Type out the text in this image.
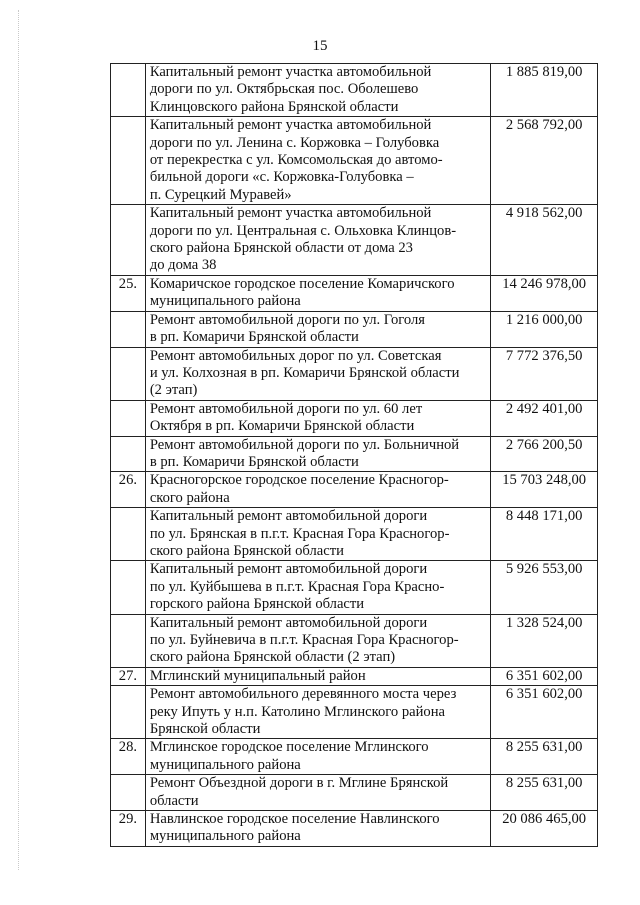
15
	Капитальный ремонт участка автомобильной
дороги по ул. Октябрьская пос. Оболешево
Клинцовского района Брянской области	1 885 819,00
	Капитальный ремонт участка автомобильной
дороги по ул. Ленина с. Коржовка – Голубовка
от перекрестка с ул. Комсомольская до автомо-
бильной дороги «с. Коржовка-Голубовка –
п. Сурецкий Муравей»	2 568 792,00
	Капитальный ремонт участка автомобильной
дороги по ул. Центральная с. Ольховка Клинцов-
ского района Брянской области от дома 23
до дома 38	4 918 562,00
25.	Комаричское городское поселение Комаричского
муниципального района	14 246 978,00
	Ремонт автомобильной дороги по ул. Гоголя
в рп. Комаричи Брянской области	1 216 000,00
	Ремонт автомобильных дорог по ул. Советская
и ул. Колхозная в рп. Комаричи Брянской области
(2 этап)	7 772 376,50
	Ремонт автомобильной дороги по ул. 60 лет
Октября в рп. Комаричи Брянской области	2 492 401,00
	Ремонт автомобильной дороги по ул. Больничной
в рп. Комаричи Брянской области	2 766 200,50
26.	Красногорское городское поселение Красногор-
ского района	15 703 248,00
	Капитальный ремонт автомобильной дороги
по ул. Брянская в п.г.т. Красная Гора Красногор-
ского района Брянской области	8 448 171,00
	Капитальный ремонт автомобильной дороги
по ул. Куйбышева в п.г.т. Красная Гора Красно-
горского района Брянской области	5 926 553,00
	Капитальный ремонт автомобильной дороги
по ул. Буйневича в п.г.т. Красная Гора Красногор-
ского района Брянской области (2 этап)	1 328 524,00
27.	Мглинский муниципальный район	6 351 602,00
	Ремонт автомобильного деревянного моста через
реку Ипуть у н.п. Католино Мглинского района
Брянской области	6 351 602,00
28.	Мглинское городское поселение Мглинского
муниципального района	8 255 631,00
	Ремонт Объездной дороги в г. Мглине Брянской
области	8 255 631,00
29.	Навлинское городское поселение Навлинского
муниципального района	20 086 465,00
